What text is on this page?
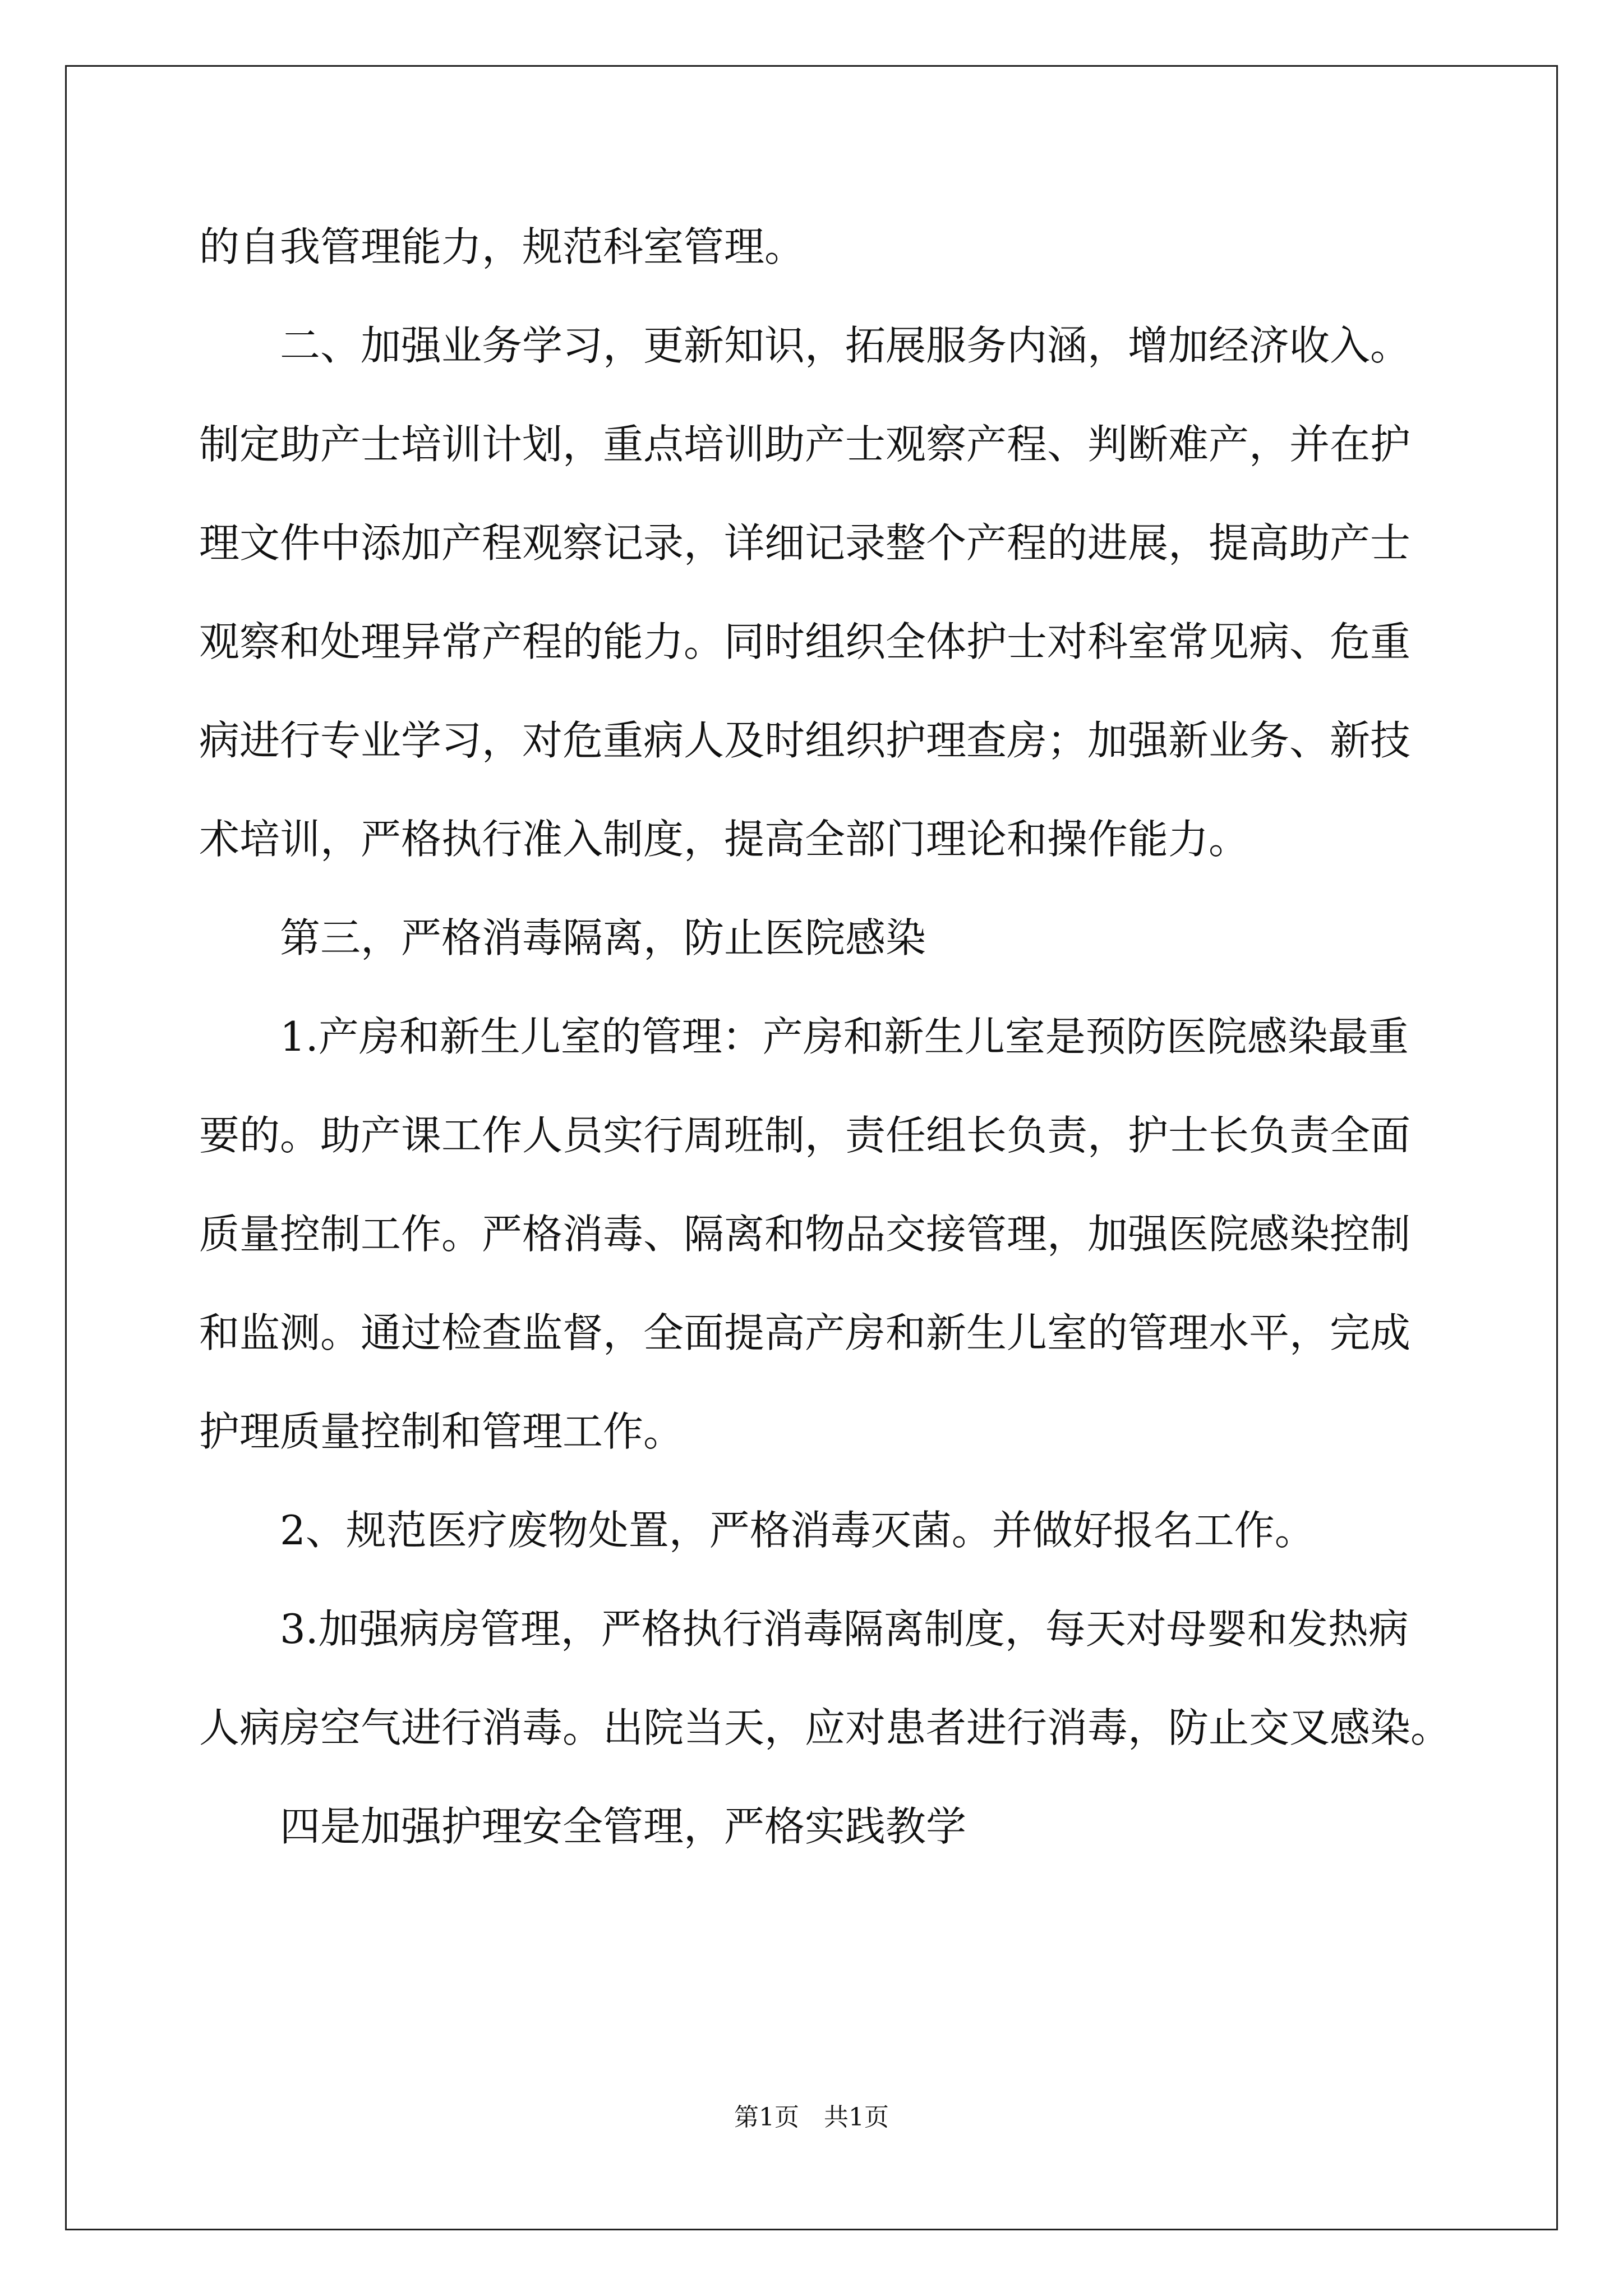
的自我管理能力，规范科室管理。
二、加强业务学习，更新知识，拓展服务内涵，增加经济收入。
制定助产士培训计划，重点培训助产士观察产程、判断难产，并在护
理文件中添加产程观察记录，详细记录整个产程的进展，提高助产士
观察和处理异常产程的能力。同时组织全体护士对科室常见病、危重
病进行专业学习，对危重病人及时组织护理查房；加强新业务、新技
术培训，严格执行准入制度，提高全部门理论和操作能力。
第三，严格消毒隔离，防止医院感染
1.产房和新生儿室的管理：产房和新生儿室是预防医院感染最重
要的。助产课工作人员实行周班制，责任组长负责，护士长负责全面
质量控制工作。严格消毒、隔离和物品交接管理，加强医院感染控制
和监测。通过检查监督，全面提高产房和新生儿室的管理水平，完成
护理质量控制和管理工作。
2、规范医疗废物处置，严格消毒灭菌。并做好报名工作。
3.加强病房管理，严格执行消毒隔离制度，每天对母婴和发热病
人病房空气进行消毒。出院当天，应对患者进行消毒，防止交叉感染。
四是加强护理安全管理，严格实践教学
第1页　共1页
